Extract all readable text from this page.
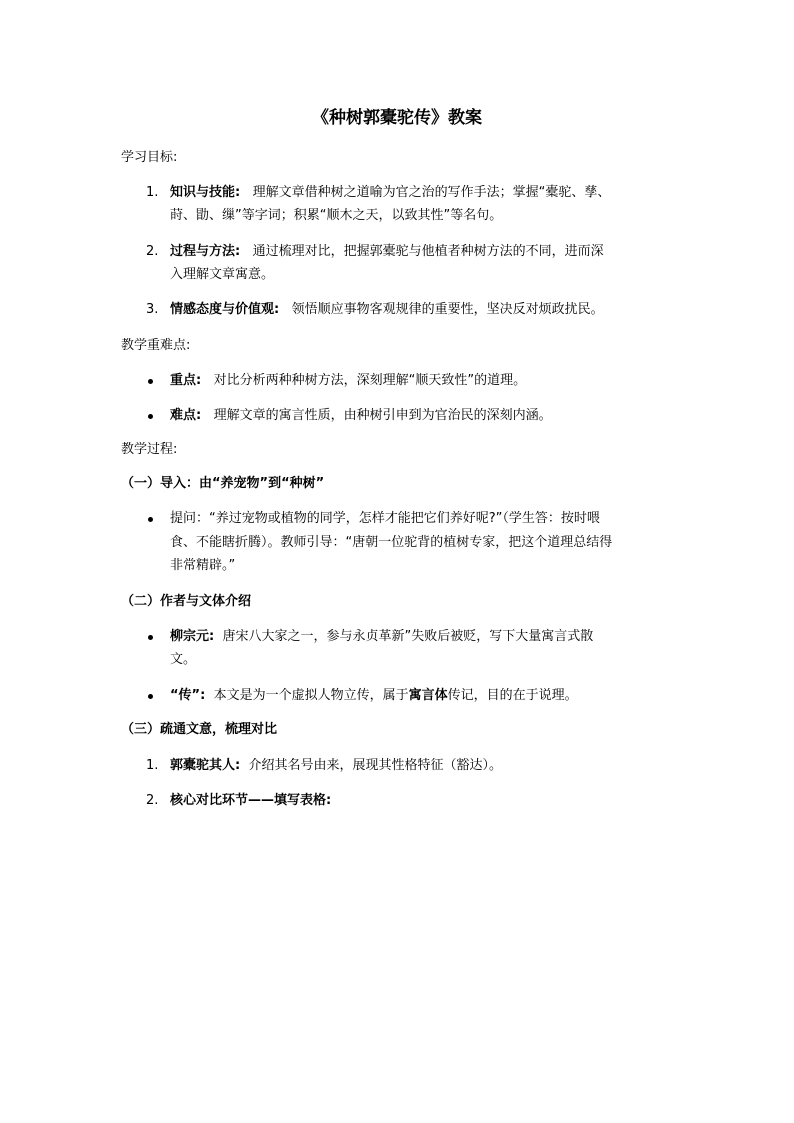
《种树郭橐驼传》教案
学习目标:
1. 知识与技能: 理解文章借种树之道喻为官之治的写作手法；掌握“橐驼、孳、
莳、勖、缫”等字词；积累“顺木之天，以致其性”等名句。
2. 过程与方法: 通过梳理对比，把握郭橐驼与他植者种树方法的不同，进而深
入理解文章寓意。
3. 情感态度与价值观: 领悟顺应事物客观规律的重要性，坚决反对烦政扰民。
教学重难点:
重点: 对比分析两种种树方法，深刻理解“顺天致性”的道理。
难点: 理解文章的寓言性质，由种树引申到为官治民的深刻内涵。
教学过程:
（一）导入：由“养宠物”到“种树”
提问：“养过宠物或植物的同学，怎样才能把它们养好呢?”（学生答：按时喂
食、不能瞎折腾）。教师引导：“唐朝一位驼背的植树专家，把这个道理总结得
非常精辟。”
（二）作者与文体介绍
柳宗元: 唐宋八大家之一，参与永贞革新”失败后被贬，写下大量寓言式散
文。
“传”: 本文是为一个虚拟人物立传，属于寓言体传记，目的在于说理。
（三）疏通文意，梳理对比
1. 郭橐驼其人: 介绍其名号由来，展现其性格特征（豁达）。
2. 核心对比环节——填写表格:
